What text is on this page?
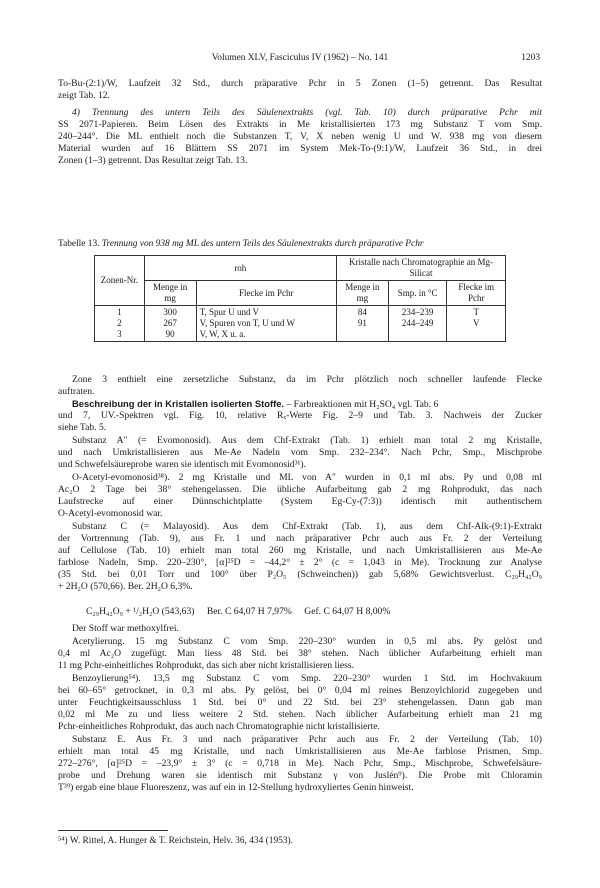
Volumen XLV, Fasciculus IV (1962) – No. 141	1203
To-Bu-(2:1)/W, Laufzeit 32 Std., durch präparative Pchr in 5 Zonen (1–5) getrennt. Das Resultat
zeigt Tab. 12.
4) Trennung des untern Teils des Säulenextrakts (vgl. Tab. 10) durch präparative Pchr mit
SS 2071-Papieren. Beim Lösen des Extrakts in Me kristallisierten 173 mg Substanz T vom Smp.
240–244°. Die ML enthielt noch die Substanzen T, V, X neben wenig U und W. 938 mg von diesem
Material wurden auf 16 Blättern SS 2071 im System Mek-To-(9:1)/W, Laufzeit 36 Std., in drei
Zonen (1–3) getrennt. Das Resultat zeigt Tab. 13.
Tabelle 13. Trennung von 938 mg ML des untern Teils des Säulenextrakts durch präparative Pchr
Zonen-Nr.	roh		Kristalle nach Chromatographie an Mg-Silicat		
	Menge in mg	Flecke im Pchr	Menge in mg	Smp. in °C	Flecke im Pchr
1	300	T, Spur U und V	84	234–239	T
2	267	V, Spuren von T, U und W	91	244–249	V
3	90	V, W, X u. a.			
Zone 3 enthielt eine zersetzliche Substanz, da im Pchr plötzlich noch schneller laufende Flecke
auftraten.
Beschreibung der in Kristallen isolierten Stoffe. – Farbreaktionen mit H₂SO₄ vgl. Tab. 6
und 7, UV.-Spektren vgl. Fig. 10, relative Rₓ-Werte Fig. 2–9 und Tab. 3. Nachweis der Zucker
siehe Tab. 5.
Substanz A″ (= Evomonosid). Aus dem Chf-Extrakt (Tab. 1) erhielt man total 2 mg Kristalle,
und nach Umkristallisieren aus Me-Ae Nadeln vom Smp. 232–234°. Nach Pchr, Smp., Mischprobe
und Schwefelsäureprobe waren sie identisch mit Evomonosid³¹).
O-Acetyl-evomonosid³⁸). 2 mg Kristalle und ML von A″ wurden in 0,1 ml abs. Py und 0,08 ml
Ac₂O 2 Tage bei 38° stehengelassen. Die übliche Aufarbeitung gab 2 mg Rohprodukt, das nach
Laufstrecke auf einer Dünnschichtplatte (System Eg-Cy-(7:3)) identisch mit authentischem
O-Acetyl-evomonosid war.
Substanz C (= Malayosid). Aus dem Chf-Extrakt (Tab. 1), aus dem Chf-Alk-(9:1)-Extrakt
der Vortrennung (Tab. 9), aus Fr. 1 und nach präparativer Pchr auch aus Fr. 2 der Verteilung
auf Cellulose (Tab. 10) erhielt man total 260 mg Kristalle, und nach Umkristallisieren aus Me-Ae
farblose Nadeln, Smp. 220–230°, [α]²⁵D = –44,2° ± 2° (c = 1,043 in Me). Trocknung zur Analyse
(35 Std. bei 0,01 Torr und 100° über P₂O₅ (Schweinchen)) gab 5,68% Gewichtsverlust. C₂₉H₄₂O₉
+ 2H₂O (570,66). Ber. 2H₂O 6,3%.
C₂₉H₄₂O₉ + ¹/₂H₂O (543,63) Ber. C 64,07 H 7,97% Gef. C 64,07 H 8,00%
Der Stoff war methoxylfrei.
Acetylierung. 15 mg Substanz C vom Smp. 220–230° wurden in 0,5 ml abs. Py gelöst und
0,4 ml Ac₂O zugefügt. Man liess 48 Std. bei 38° stehen. Nach üblicher Aufarbeitung erhielt man
11 mg Pchr-einheitliches Rohprodukt, das sich aber nicht kristallisieren liess.
Benzoylierung⁵⁴). 13,5 mg Substanz C vom Smp. 220–230° wurden 1 Std. im Hochvakuum
bei 60–65° getrocknet, in 0,3 ml abs. Py gelöst, bei 0° 0,04 ml reines Benzoylchlorid zugegeben und
unter Feuchtigkeitsausschluss 1 Std. bei 0° und 22 Std. bei 23° stehengelassen. Dann gab man
0,02 ml Me zu und liess weitere 2 Std. stehen. Nach üblicher Aufarbeitung erhielt man 21 mg
Pchr-einheitliches Rohprodukt, das auch nach Chromatographie nicht kristallisierte.
Substanz E. Aus Fr. 3 und nach präparativer Pchr auch aus Fr. 2 der Verteilung (Tab. 10)
erhielt man total 45 mg Kristalle, und nach Umkristallisieren aus Me-Ae farblose Prismen, Smp.
272–276°, [α]²⁵D = –23,9° ± 3° (c = 0,718 in Me). Nach Pchr, Smp., Mischprobe, Schwefelsäure-
probe und Drehung waren sie identisch mit Substanz γ von Juslén⁹). Die Probe mit Chloramin
T³⁹) ergab eine blaue Fluoreszenz, was auf ein in 12-Stellung hydroxyliertes Genin hinweist.
⁵⁴) W. Rittel, A. Hunger & T. Reichstein, Helv. 36, 434 (1953).
